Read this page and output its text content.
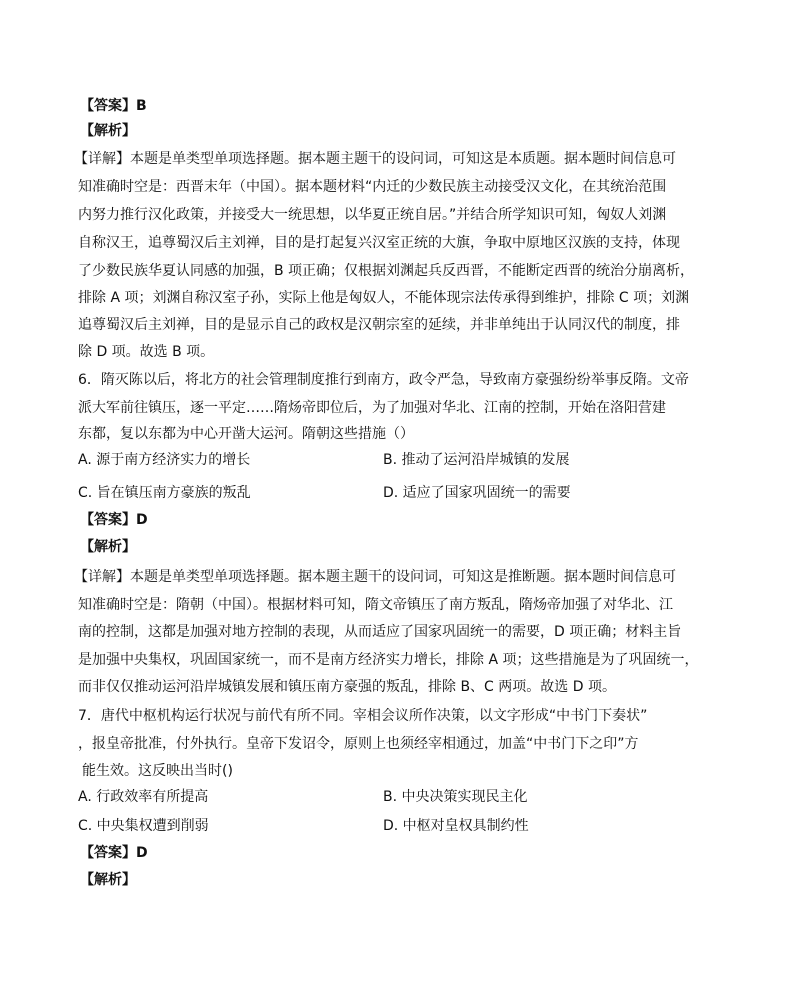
【答案】B
【解析】
【详解】本题是单类型单项选择题。据本题主题干的设问词，可知这是本质题。据本题时间信息可
知准确时空是：西晋末年（中国）。据本题材料“内迁的少数民族主动接受汉文化，在其统治范围
内努力推行汉化政策，并接受大一统思想，以华夏正统自居。”并结合所学知识可知，匈奴人刘渊
自称汉王，追尊蜀汉后主刘禅，目的是打起复兴汉室正统的大旗，争取中原地区汉族的支持，体现
了少数民族华夏认同感的加强，B 项正确；仅根据刘渊起兵反西晋，不能断定西晋的统治分崩离析，
排除 A 项；刘渊自称汉室子孙，实际上他是匈奴人，不能体现宗法传承得到维护，排除 C 项；刘渊
追尊蜀汉后主刘禅，目的是显示自己的政权是汉朝宗室的延续，并非单纯出于认同汉代的制度，排
除 D 项。故选 B 项。
6．隋灭陈以后，将北方的社会管理制度推行到南方，政令严急，导致南方豪强纷纷举事反隋。文帝
派大军前往镇压，逐一平定……隋炀帝即位后，为了加强对华北、江南的控制，开始在洛阳营建
东都，复以东都为中心开凿大运河。隋朝这些措施（）
A. 源于南方经济实力的增长	B. 推动了运河沿岸城镇的发展
C. 旨在镇压南方豪族的叛乱	D. 适应了国家巩固统一的需要
【答案】D
【解析】
【详解】本题是单类型单项选择题。据本题主题干的设问词，可知这是推断题。据本题时间信息可
知准确时空是：隋朝（中国）。根据材料可知，隋文帝镇压了南方叛乱，隋炀帝加强了对华北、江
南的控制，这都是加强对地方控制的表现，从而适应了国家巩固统一的需要，D 项正确；材料主旨
是加强中央集权，巩固国家统一，而不是南方经济实力增长，排除 A 项；这些措施是为了巩固统一，
而非仅仅推动运河沿岸城镇发展和镇压南方豪强的叛乱，排除 B、C 两项。故选 D 项。
7．唐代中枢机构运行状况与前代有所不同。宰相会议所作决策，以文字形成“中书门下奏状”
，报皇帝批准，付外执行。皇帝下发诏令，原则上也须经宰相通过，加盖“中书门下之印”方
能生效。这反映出当时()
A. 行政效率有所提高	B. 中央决策实现民主化
C. 中央集权遭到削弱	D. 中枢对皇权具制约性
【答案】D
【解析】
